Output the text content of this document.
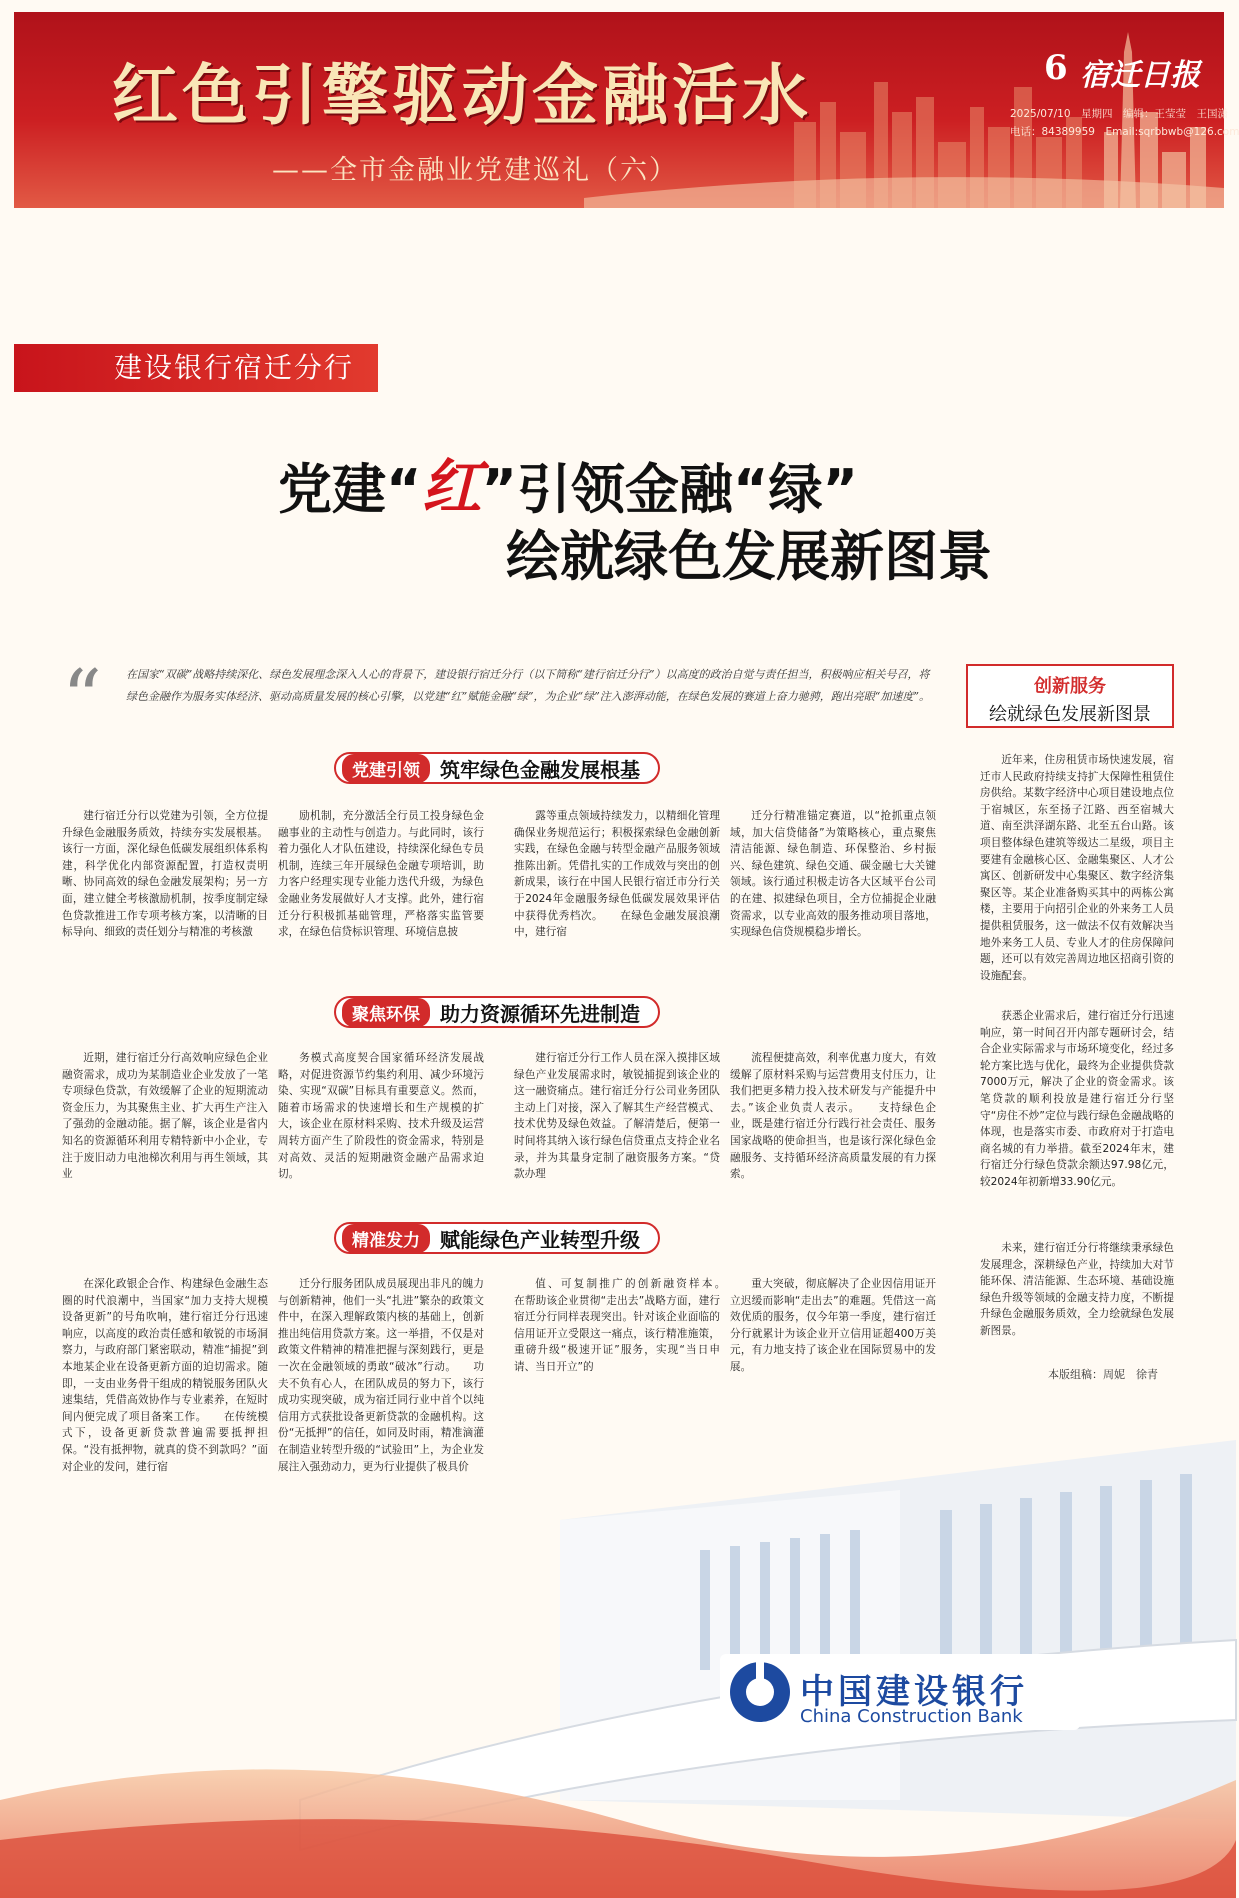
红色引擎驱动金融活水
——全市金融业党建巡礼（六）
6 宿迁日报
2025/07/10　星期四　编辑：王莹莹　王国潇
电话：84389959　Email:sqrbbwb@126.com
建设银行宿迁分行
党建“红”引领金融“绿”
绘就绿色发展新图景
“ 在国家“双碳”战略持续深化、绿色发展理念深入人心的背景下，建设银行宿迁分行（以下简称“建行宿迁分行”）以高度的政治自觉与责任担当，积极响应相关号召，将绿色金融作为服务实体经济、驱动高质量发展的核心引擎，以党建“红”赋能金融“绿”，为企业“绿”注入澎湃动能，在绿色发展的赛道上奋力驰骋，跑出亮眼“加速度”。
党建引领	筑牢绿色金融发展根基

建行宿迁分行以党建为引领，全方位提升绿色金融服务质效，持续夯实发展根基。该行一方面，深化绿色低碳发展组织体系构建，科学优化内部资源配置，打造权责明晰、协同高效的绿色金融发展架构；另一方面，建立健全考核激励机制，按季度制定绿色贷款推进工作专项考核方案，以清晰的目标导向、细致的责任划分与精准的考核激

励机制，充分激活全行员工投身绿色金融事业的主动性与创造力。与此同时，该行着力强化人才队伍建设，持续深化绿色专员机制，连续三年开展绿色金融专项培训，助力客户经理实现专业能力迭代升级，为绿色金融业务发展做好人才支撑。此外，建行宿迁分行积极抓基础管理，严格落实监管要求，在绿色信贷标识管理、环境信息披

露等重点领域持续发力，以精细化管理确保业务规范运行；积极探索绿色金融创新实践，在绿色金融与转型金融产品服务领域推陈出新。凭借扎实的工作成效与突出的创新成果，该行在中国人民银行宿迁市分行关于2024年金融服务绿色低碳发展效果评估中获得优秀档次。　　在绿色金融发展浪潮中，建行宿

迁分行精准锚定赛道，以“抢抓重点领域，加大信贷储备”为策略核心，重点聚焦清洁能源、绿色制造、环保整治、乡村振兴、绿色建筑、绿色交通、碳金融七大关键领域。该行通过积极走访各大区域平台公司的在建、拟建绿色项目，全方位捕捉企业融资需求，以专业高效的服务推动项目落地，实现绿色信贷规模稳步增长。

聚焦环保	助力资源循环先进制造

近期，建行宿迁分行高效响应绿色企业融资需求，成功为某制造业企业发放了一笔专项绿色贷款，有效缓解了企业的短期流动资金压力，为其聚焦主业、扩大再生产注入了强劲的金融动能。据了解，该企业是省内知名的资源循环利用专精特新中小企业，专注于废旧动力电池梯次利用与再生领域，其业

务模式高度契合国家循环经济发展战略，对促进资源节约集约利用、减少环境污染、实现“双碳”目标具有重要意义。然而，随着市场需求的快速增长和生产规模的扩大，该企业在原材料采购、技术升级及运营周转方面产生了阶段性的资金需求，特别是对高效、灵活的短期融资金融产品需求迫切。

建行宿迁分行工作人员在深入摸排区域绿色产业发展需求时，敏锐捕捉到该企业的这一融资痛点。建行宿迁分行公司业务团队主动上门对接，深入了解其生产经营模式、技术优势及绿色效益。了解清楚后，便第一时间将其纳入该行绿色信贷重点支持企业名录，并为其量身定制了融资服务方案。“贷款办理

流程便捷高效，利率优惠力度大，有效缓解了原材料采购与运营费用支付压力，让我们把更多精力投入技术研发与产能提升中去。”该企业负责人表示。　　支持绿色企业，既是建行宿迁分行践行社会责任、服务国家战略的使命担当，也是该行深化绿色金融服务、支持循环经济高质量发展的有力探索。

精准发力	赋能绿色产业转型升级

在深化政银企合作、构建绿色金融生态圈的时代浪潮中，当国家“加力支持大规模设备更新”的号角吹响，建行宿迁分行迅速响应，以高度的政治责任感和敏锐的市场洞察力，与政府部门紧密联动，精准“捕捉”到本地某企业在设备更新方面的迫切需求。随即，一支由业务骨干组成的精锐服务团队火速集结，凭借高效协作与专业素养，在短时间内便完成了项目备案工作。　　在传统模式下，设备更新贷款普遍需要抵押担保。“没有抵押物，就真的贷不到款吗？”面对企业的发问，建行宿

迁分行服务团队成员展现出非凡的魄力与创新精神，他们一头“扎进”繁杂的政策文件中，在深入理解政策内核的基础上，创新推出纯信用贷款方案。这一举措，不仅是对政策文件精神的精准把握与深刻践行，更是一次在金融领域的勇敢“破冰”行动。　　功夫不负有心人，在团队成员的努力下，该行成功实现突破，成为宿迁同行业中首个以纯信用方式获批设备更新贷款的金融机构。这份“无抵押”的信任，如同及时雨，精准滴灌在制造业转型升级的“试验田”上，为企业发展注入强劲动力，更为行业提供了极具价

值、可复制推广的创新融资样本。　　在帮助该企业贯彻“走出去”战略方面，建行宿迁分行同样表现突出。针对该企业面临的信用证开立受限这一痛点，该行精准施策，重磅升级“极速开证”服务，实现“当日申请、当日开立”的

重大突破，彻底解决了企业因信用证开立迟缓而影响“走出去”的难题。凭借这一高效优质的服务，仅今年第一季度，建行宿迁分行就累计为该企业开立信用证超400万美元，有力地支持了该企业在国际贸易中的发展。

创新服务
绘就绿色发展新图景

近年来，住房租赁市场快速发展，宿迁市人民政府持续支持扩大保障性租赁住房供给。某数字经济中心项目建设地点位于宿城区，东至扬子江路、西至宿城大道、南至洪泽湖东路、北至五台山路。该项目整体绿色建筑等级达二星级，项目主要建有金融核心区、金融集聚区、人才公寓区、创新研发中心集聚区、数字经济集聚区等。某企业准备购买其中的两栋公寓楼，主要用于向招引企业的外来务工人员提供租赁服务，这一做法不仅有效解决当地外来务工人员、专业人才的住房保障问题，还可以有效完善周边地区招商引资的设施配套。

获悉企业需求后，建行宿迁分行迅速响应，第一时间召开内部专题研讨会，结合企业实际需求与市场环境变化，经过多轮方案比选与优化，最终为企业提供贷款7000万元，解决了企业的资金需求。该笔贷款的顺利投放是建行宿迁分行坚守“房住不炒”定位与践行绿色金融战略的体现，也是落实市委、市政府对于打造电商名城的有力举措。截至2024年末，建行宿迁分行绿色贷款余额达97.98亿元，较2024年初新增33.90亿元。

未来，建行宿迁分行将继续秉承绿色发展理念，深耕绿色产业，持续加大对节能环保、清洁能源、生态环境、基础设施绿色升级等领域的金融支持力度，不断提升绿色金融服务质效，全力绘就绿色发展新图景。

本版组稿：周妮　徐青
中国建设银行
China Construction Bank
